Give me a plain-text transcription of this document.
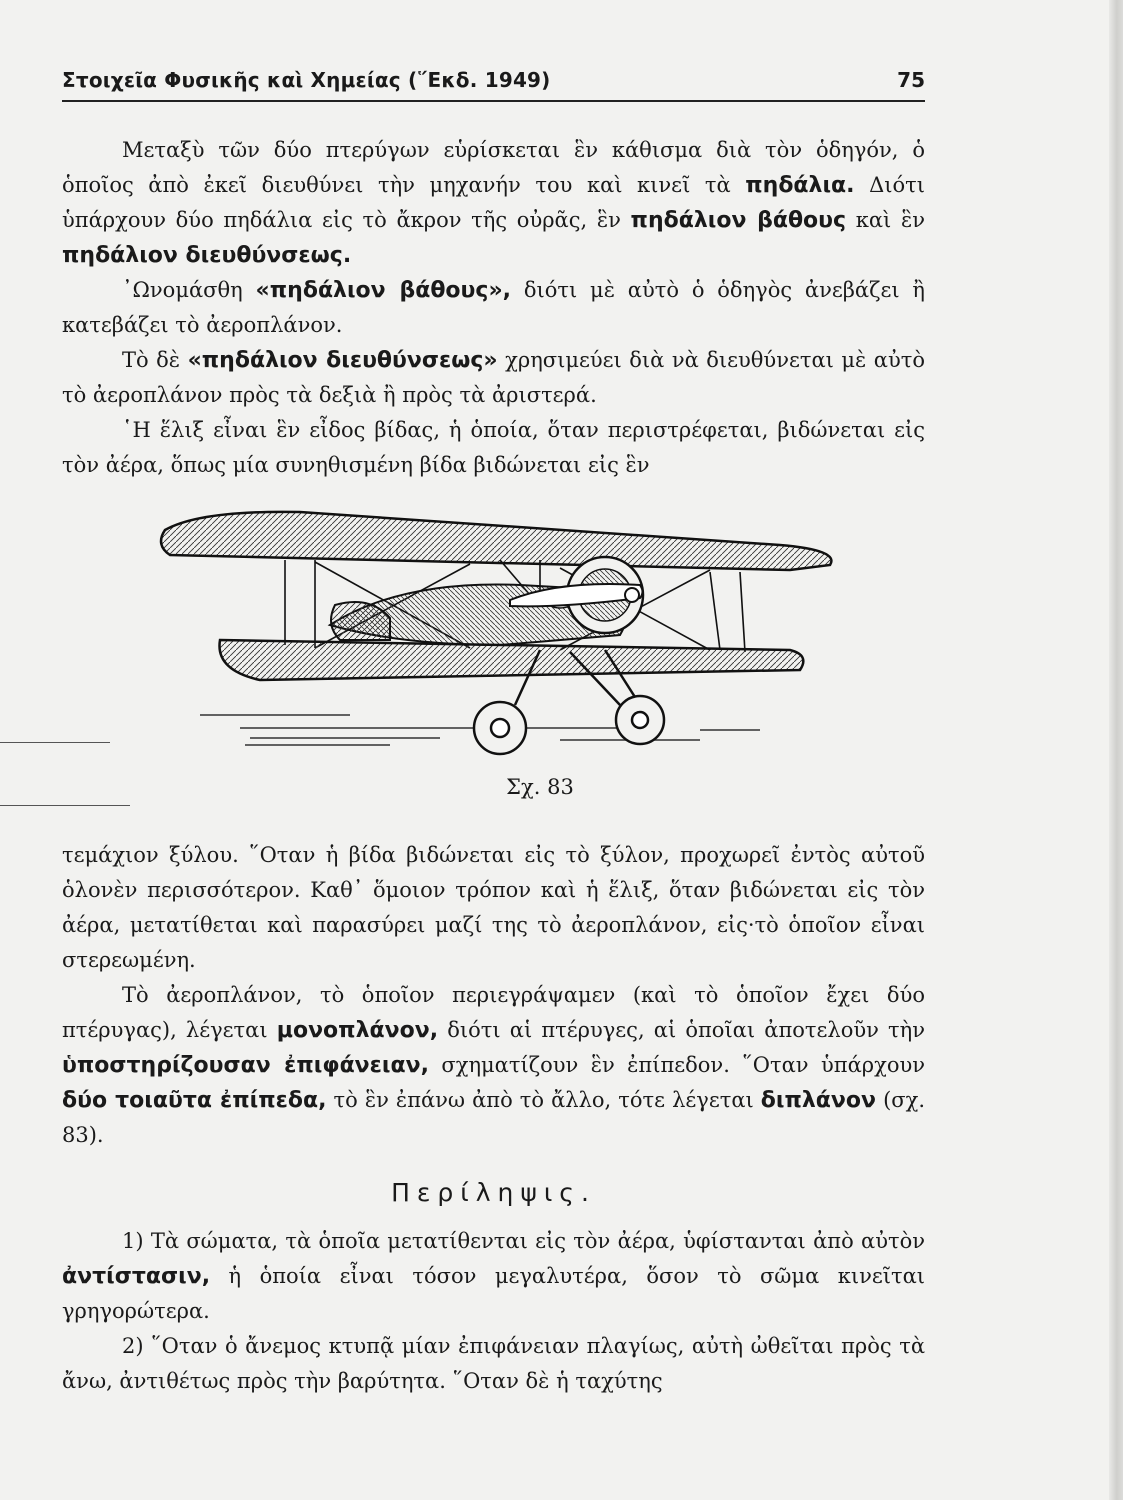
Στοιχεῖα Φυσικῆς καὶ Χημείας (῞Εκδ. 1949)	75

Μεταξὺ τῶν δύο πτερύγων εὑρίσκεται ἓν κάθισμα διὰ τὸν ὁδηγόν, ὁ ὁποῖος ἀπὸ ἐκεῖ διευθύνει τὴν μηχανήν του καὶ κινεῖ τὰ πηδάλια. Διότι ὑπάρχουν δύο πηδάλια εἰς τὸ ἄκρον τῆς οὐρᾶς, ἓν πηδάλιον βάθους καὶ ἓν πηδάλιον διευθύνσεως.

᾿Ωνομάσθη «πηδάλιον βάθους», διότι μὲ αὐτὸ ὁ ὁδηγὸς ἀνεβάζει ἢ κατεβάζει τὸ ἀεροπλάνον.

Τὸ δὲ «πηδάλιον διευθύνσεως» χρησιμεύει διὰ νὰ διευθύνεται μὲ αὐτὸ τὸ ἀεροπλάνον πρὸς τὰ δεξιὰ ἢ πρὸς τὰ ἀριστερά.

῾Η ἕλιξ εἶναι ἓν εἶδος βίδας, ἡ ὁποία, ὅταν περιστρέφεται, βιδώνεται εἰς τὸν ἀέρα, ὅπως μία συνηθισμένη βίδα βιδώνεται εἰς ἓν

Σχ. 83

τεμάχιον ξύλου. ῞Οταν ἡ βίδα βιδώνεται εἰς τὸ ξύλον, προχωρεῖ ἐντὸς αὐτοῦ ὁλονὲν περισσότερον. Καθ᾿ ὅμοιον τρόπον καὶ ἡ ἕλιξ, ὅταν βιδώνεται εἰς τὸν ἀέρα, μετατίθεται καὶ παρασύρει μαζί της τὸ ἀεροπλάνον, εἰς·τὸ ὁποῖον εἶναι στερεωμένη.

Τὸ ἀεροπλάνον, τὸ ὁποῖον περιεγράψαμεν (καὶ τὸ ὁποῖον ἔχει δύο πτέρυγας), λέγεται μονοπλάνον, διότι αἱ πτέρυγες, αἱ ὁποῖαι ἀποτελοῦν τὴν ὑποστηρίζουσαν ἐπιφάνειαν, σχηματίζουν ἓν ἐπίπεδον. ῞Οταν ὑπάρχουν δύο τοιαῦτα ἐπίπεδα, τὸ ἓν ἐπάνω ἀπὸ τὸ ἄλλο, τότε λέγεται διπλάνον (σχ. 83).

Περίληψις.

1) Τὰ σώματα, τὰ ὁποῖα μετατίθενται εἰς τὸν ἀέρα, ὑφίστανται ἀπὸ αὐτὸν ἀντίστασιν, ἡ ὁποία εἶναι τόσον μεγαλυτέρα, ὅσον τὸ σῶμα κινεῖται γρηγορώτερα.

2) ῞Οταν ὁ ἄνεμος κτυπᾷ μίαν ἐπιφάνειαν πλαγίως, αὐτὴ ὠθεῖται πρὸς τὰ ἄνω, ἀντιθέτως πρὸς τὴν βαρύτητα. ῞Οταν δὲ ἡ ταχύτης
